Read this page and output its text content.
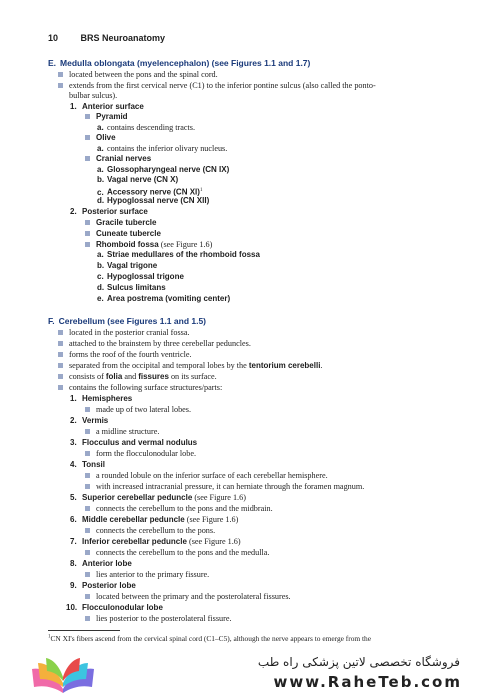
10	BRS Neuroanatomy
E. Medulla oblongata (myelencephalon) (see Figures 1.1 and 1.7)
located between the pons and the spinal cord.
extends from the first cervical nerve (C1) to the inferior pontine sulcus (also called the ponto-
bulbar sulcus).
1. Anterior surface
Pyramid
a. contains descending tracts.
Olive
a. contains the inferior olivary nucleus.
Cranial nerves
a. Glossopharyngeal nerve (CN IX)
b. Vagal nerve (CN X)
c. Accessory nerve (CN XI)$^1$
d. Hypoglossal nerve (CN XII)
2. Posterior surface
Gracile tubercle
Cuneate tubercle
Rhomboid fossa (see Figure 1.6)
a. Striae medullares of the rhomboid fossa
b. Vagal trigone
c. Hypoglossal trigone
d. Sulcus limitans
e. Area postrema (vomiting center)
F. Cerebellum (see Figures 1.1 and 1.5)
located in the posterior cranial fossa.
attached to the brainstem by three cerebellar peduncles.
forms the roof of the fourth ventricle.
separated from the occipital and temporal lobes by the tentorium cerebelli.
consists of folia and fissures on its surface.
contains the following surface structures/parts:
1. Hemispheres
made up of two lateral lobes.
2. Vermis
a midline structure.
3. Flocculus and vermal nodulus
form the flocculonodular lobe.
4. Tonsil
a rounded lobule on the inferior surface of each cerebellar hemisphere.
with increased intracranial pressure, it can herniate through the foramen magnum.
5. Superior cerebellar peduncle (see Figure 1.6)
connects the cerebellum to the pons and the midbrain.
6. Middle cerebellar peduncle (see Figure 1.6)
connects the cerebellum to the pons.
7. Inferior cerebellar peduncle (see Figure 1.6)
connects the cerebellum to the pons and the medulla.
8. Anterior lobe
lies anterior to the primary fissure.
9. Posterior lobe
located between the primary and the posterolateral fissures.
10. Flocculonodular lobe
lies posterior to the posterolateral fissure.
$^1$CN XI's fibers ascend from the cervical spinal cord (C1–C5), although the nerve appears to emerge from the
فروشگاه تخصصی لاتین پزشکی راه طب
www.RaheTeb.com
